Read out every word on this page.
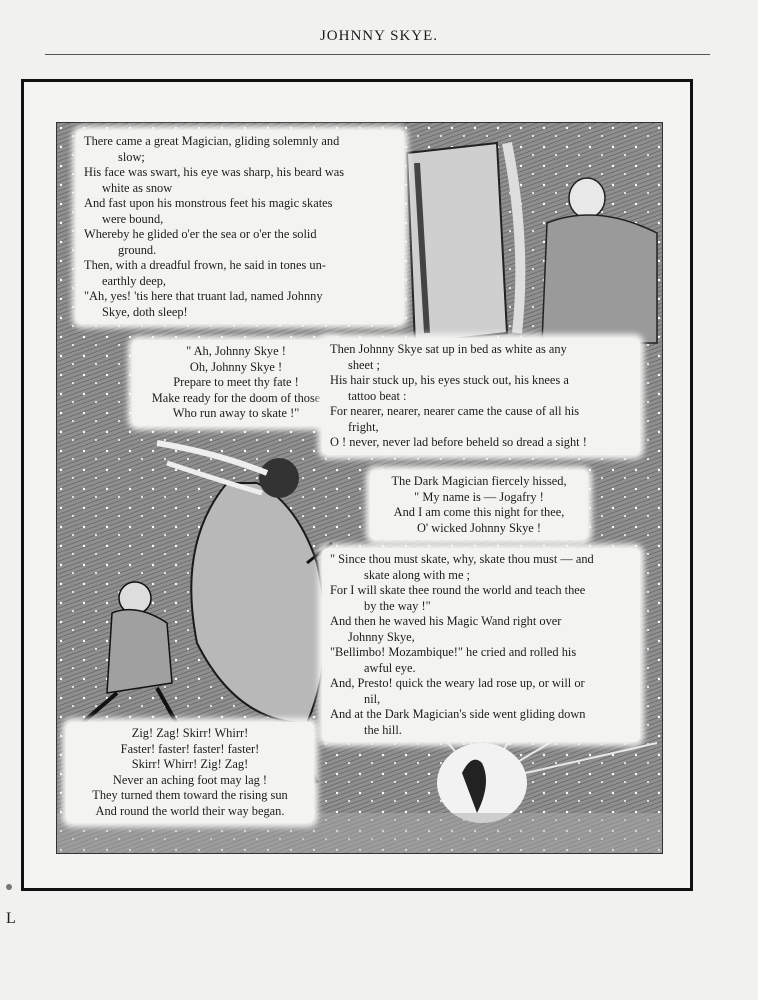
JOHNNY SKYE.
There came a great Magician, gliding solemnly and
slow;
His face was swart, his eye was sharp, his beard was
white as snow
And fast upon his monstrous feet his magic skates
were bound,
Whereby he glided o'er the sea or o'er the solid
ground.
Then, with a dreadful frown, he said in tones un-
earthly deep,
"Ah, yes! 'tis here that truant lad, named Johnny
Skye, doth sleep!
" Ah, Johnny Skye !
Oh, Johnny Skye !
Prepare to meet thy fate !
Make ready for the doom of those
Who run away to skate !"
Then Johnny Skye sat up in bed as white as any
sheet ;
His hair stuck up, his eyes stuck out, his knees a
tattoo beat :
For nearer, nearer, nearer came the cause of all his
fright,
O ! never, never lad before beheld so dread a sight !
The Dark Magician fiercely hissed,
" My name is — Jogafry !
And I am come this night for thee,
O' wicked Johnny Skye !
" Since thou must skate, why, skate thou must — and
skate along with me ;
For I will skate thee round the world and teach thee
by the way !"
And then he waved his Magic Wand right over
Johnny Skye,
"Bellimbo! Mozambique!" he cried and rolled his
awful eye.
And, Presto! quick the weary lad rose up, or will or
nil,
And at the Dark Magician's side went gliding down
the hill.
Zig! Zag! Skirr! Whirr!
Faster! faster! faster! faster!
Skirr! Whirr! Zig! Zag!
Never an aching foot may lag !
They turned them toward the rising sun
And round the world their way began.
L
